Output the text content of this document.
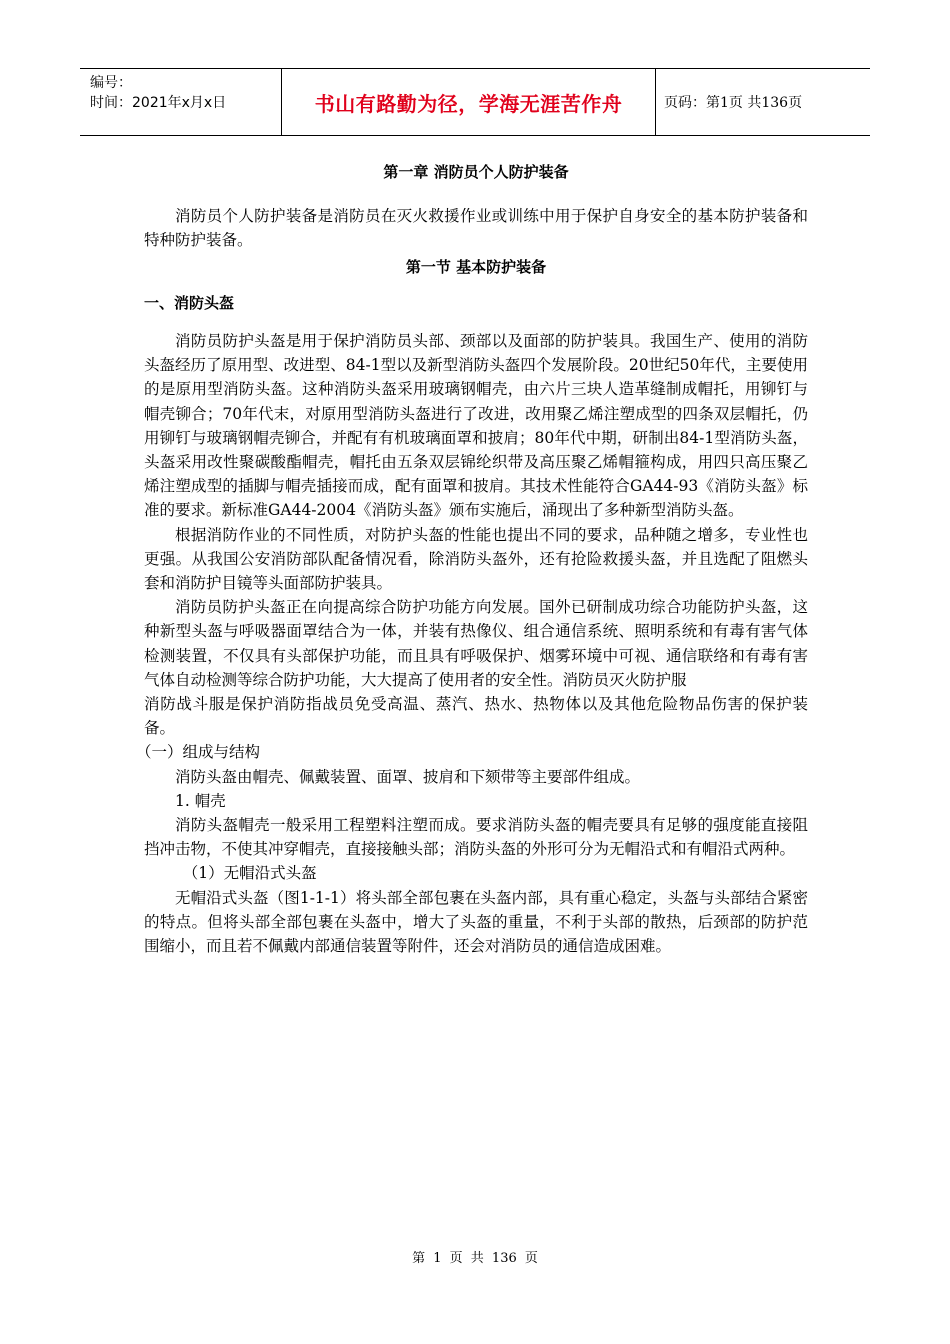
编号：
时间：2021年x月x日	书山有路勤为径，学海无涯苦作舟	页码：第1页 共136页
第一章 消防员个人防护装备

消防员个人防护装备是消防员在灭火救援作业或训练中用于保护自身安全的基本防护装备和特种防护装备。

第一节 基本防护装备
一、消防头盔

消防员防护头盔是用于保护消防员头部、颈部以及面部的防护装具。我国生产、使用的消防头盔经历了原用型、改进型、84-1型以及新型消防头盔四个发展阶段。20世纪50年代，主要使用的是原用型消防头盔。这种消防头盔采用玻璃钢帽壳，由六片三块人造革缝制成帽托，用铆钉与帽壳铆合；70年代末，对原用型消防头盔进行了改进，改用聚乙烯注塑成型的四条双层帽托，仍用铆钉与玻璃钢帽壳铆合，并配有有机玻璃面罩和披肩；80年代中期，研制出84-1型消防头盔，头盔采用改性聚碳酸酯帽壳，帽托由五条双层锦纶织带及高压聚乙烯帽箍构成，用四只高压聚乙烯注塑成型的插脚与帽壳插接而成，配有面罩和披肩。其技术性能符合GA44-93《消防头盔》标准的要求。新标准GA44-2004《消防头盔》颁布实施后，涌现出了多种新型消防头盔。

根据消防作业的不同性质，对防护头盔的性能也提出不同的要求，品种随之增多，专业性也更强。从我国公安消防部队配备情况看，除消防头盔外，还有抢险救援头盔，并且选配了阻燃头套和消防护目镜等头面部防护装具。

消防员防护头盔正在向提高综合防护功能方向发展。国外已研制成功综合功能防护头盔，这种新型头盔与呼吸器面罩结合为一体，并装有热像仪、组合通信系统、照明系统和有毒有害气体检测装置，不仅具有头部保护功能，而且具有呼吸保护、烟雾环境中可视、通信联络和有毒有害气体自动检测等综合防护功能，大大提高了使用者的安全性。消防员灭火防护服

消防战斗服是保护消防指战员免受高温、蒸汽、热水、热物体以及其他危险物品伤害的保护装备。

（一）组成与结构

消防头盔由帽壳、佩戴装置、面罩、披肩和下颏带等主要部件组成。

1. 帽壳

消防头盔帽壳一般采用工程塑料注塑而成。要求消防头盔的帽壳要具有足够的强度能直接阻挡冲击物，不使其冲穿帽壳，直接接触头部；消防头盔的外形可分为无帽沿式和有帽沿式两种。

（1）无帽沿式头盔

无帽沿式头盔（图1-1-1）将头部全部包裹在头盔内部，具有重心稳定，头盔与头部结合紧密的特点。但将头部全部包裹在头盔中，增大了头盔的重量，不利于头部的散热，后颈部的防护范围缩小，而且若不佩戴内部通信装置等附件，还会对消防员的通信造成困难。

第 1 页 共 136 页
